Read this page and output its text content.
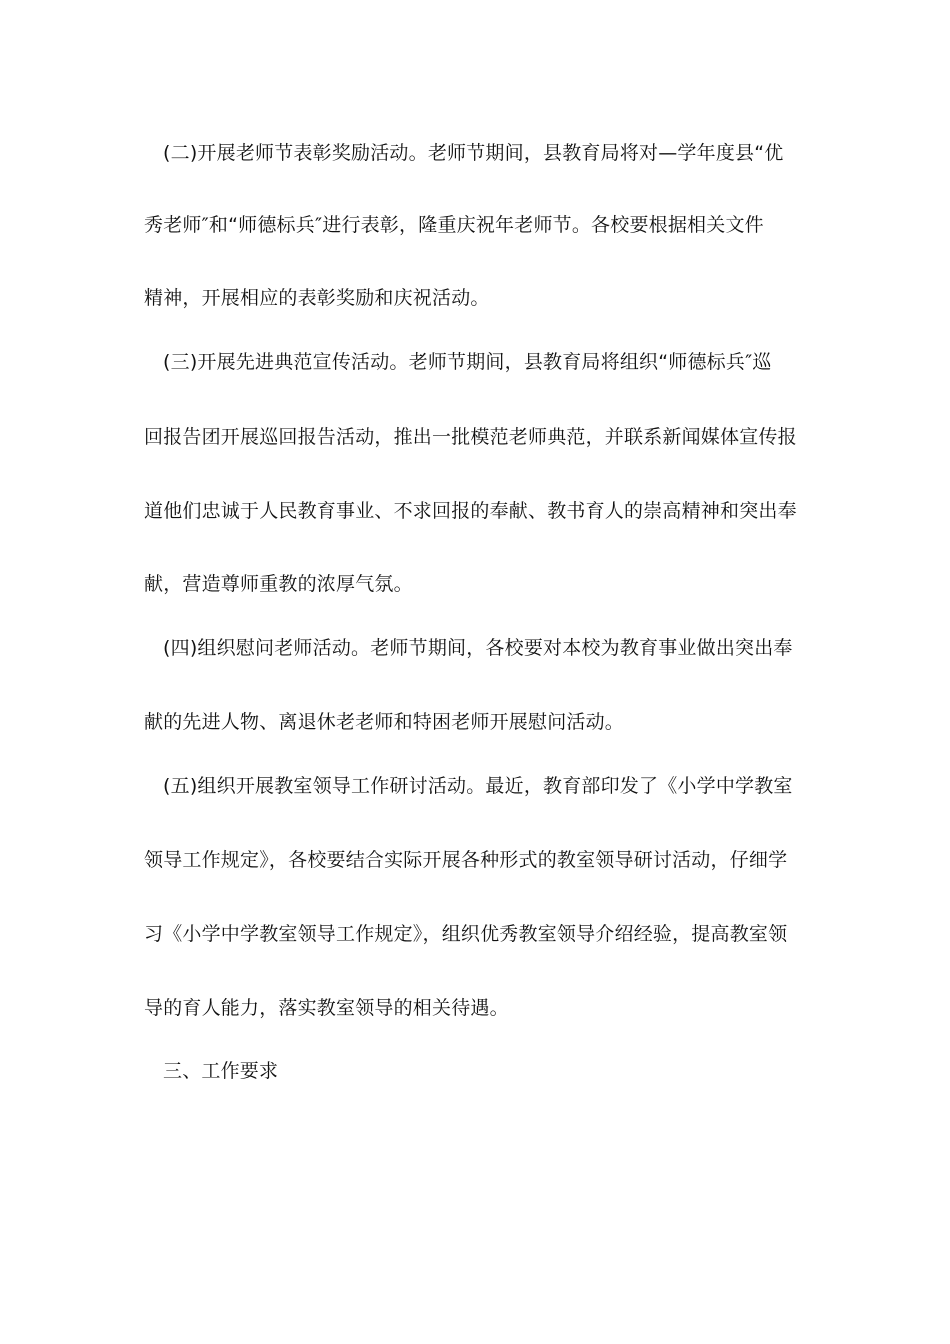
(二)开展老师节表彰奖励活动。老师节期间，县教育局将对—学年度县“优
秀老师″和“师德标兵″进行表彰，隆重庆祝年老师节。各校要根据相关文件
精神，开展相应的表彰奖励和庆祝活动。
(三)开展先进典范宣传活动。老师节期间，县教育局将组织“师德标兵″巡
回报告团开展巡回报告活动，推出一批模范老师典范，并联系新闻媒体宣传报
道他们忠诚于人民教育事业、不求回报的奉献、教书育人的崇高精神和突出奉
献，营造尊师重教的浓厚气氛。
(四)组织慰问老师活动。老师节期间，各校要对本校为教育事业做出突出奉
献的先进人物、离退休老老师和特困老师开展慰问活动。
(五)组织开展教室领导工作研讨活动。最近，教育部印发了《小学中学教室
领导工作规定》，各校要结合实际开展各种形式的教室领导研讨活动，仔细学
习《小学中学教室领导工作规定》，组织优秀教室领导介绍经验，提高教室领
导的育人能力，落实教室领导的相关待遇。
三、工作要求
